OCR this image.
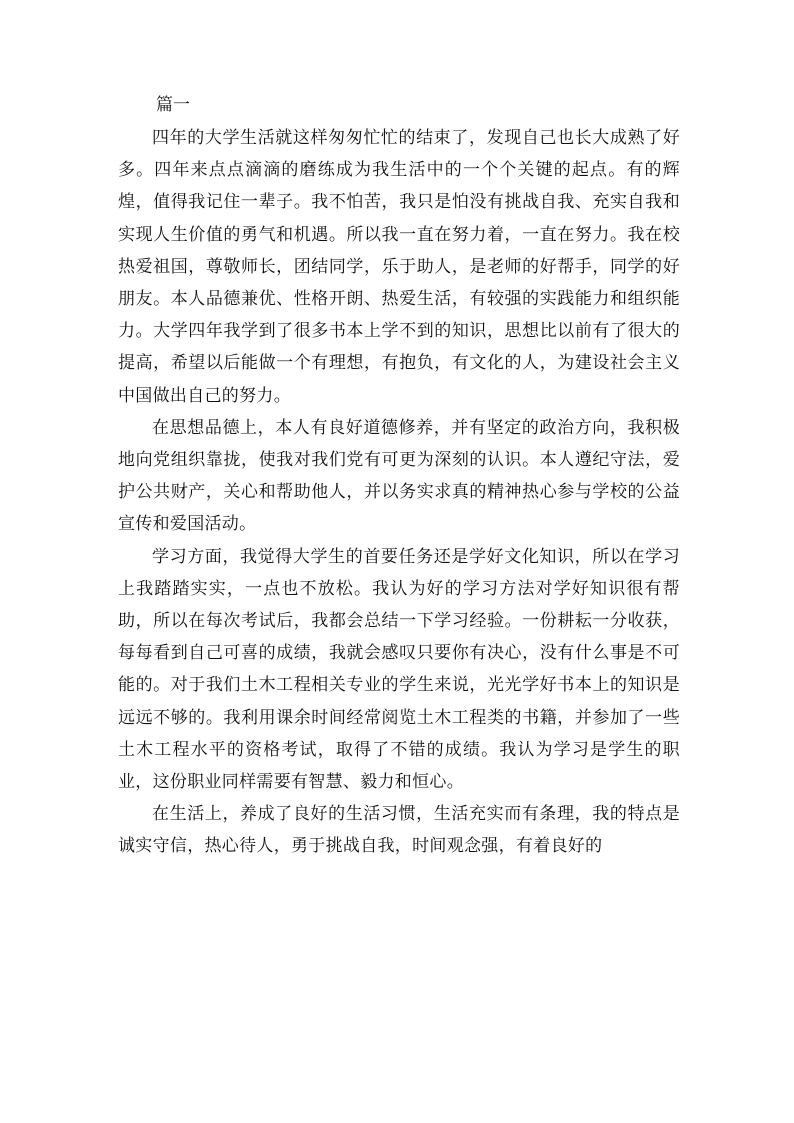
篇一

四年的大学生活就这样匆匆忙忙的结束了，发现自己也长大成熟了好多。四年来点点滴滴的磨练成为我生活中的一个个关键的起点。有的辉煌，值得我记住一辈子。我不怕苦，我只是怕没有挑战自我、充实自我和实现人生价值的勇气和机遇。所以我一直在努力着，一直在努力。我在校热爱祖国，尊敬师长，团结同学，乐于助人，是老师的好帮手，同学的好朋友。本人品德兼优、性格开朗、热爱生活，有较强的实践能力和组织能力。大学四年我学到了很多书本上学不到的知识，思想比以前有了很大的提高，希望以后能做一个有理想，有抱负，有文化的人，为建设社会主义中国做出自己的努力。

在思想品德上，本人有良好道德修养，并有坚定的政治方向，我积极地向党组织靠拢，使我对我们党有可更为深刻的认识。本人遵纪守法，爱护公共财产，关心和帮助他人，并以务实求真的精神热心参与学校的公益宣传和爱国活动。

学习方面，我觉得大学生的首要任务还是学好文化知识，所以在学习上我踏踏实实，一点也不放松。我认为好的学习方法对学好知识很有帮助，所以在每次考试后，我都会总结一下学习经验。一份耕耘一分收获，每每看到自己可喜的成绩，我就会感叹只要你有决心，没有什么事是不可能的。对于我们土木工程相关专业的学生来说，光光学好书本上的知识是远远不够的。我利用课余时间经常阅览土木工程类的书籍，并参加了一些土木工程水平的资格考试，取得了不错的成绩。我认为学习是学生的职业，这份职业同样需要有智慧、毅力和恒心。

在生活上，养成了良好的生活习惯，生活充实而有条理，我的特点是诚实守信，热心待人，勇于挑战自我，时间观念强，有着良好的
